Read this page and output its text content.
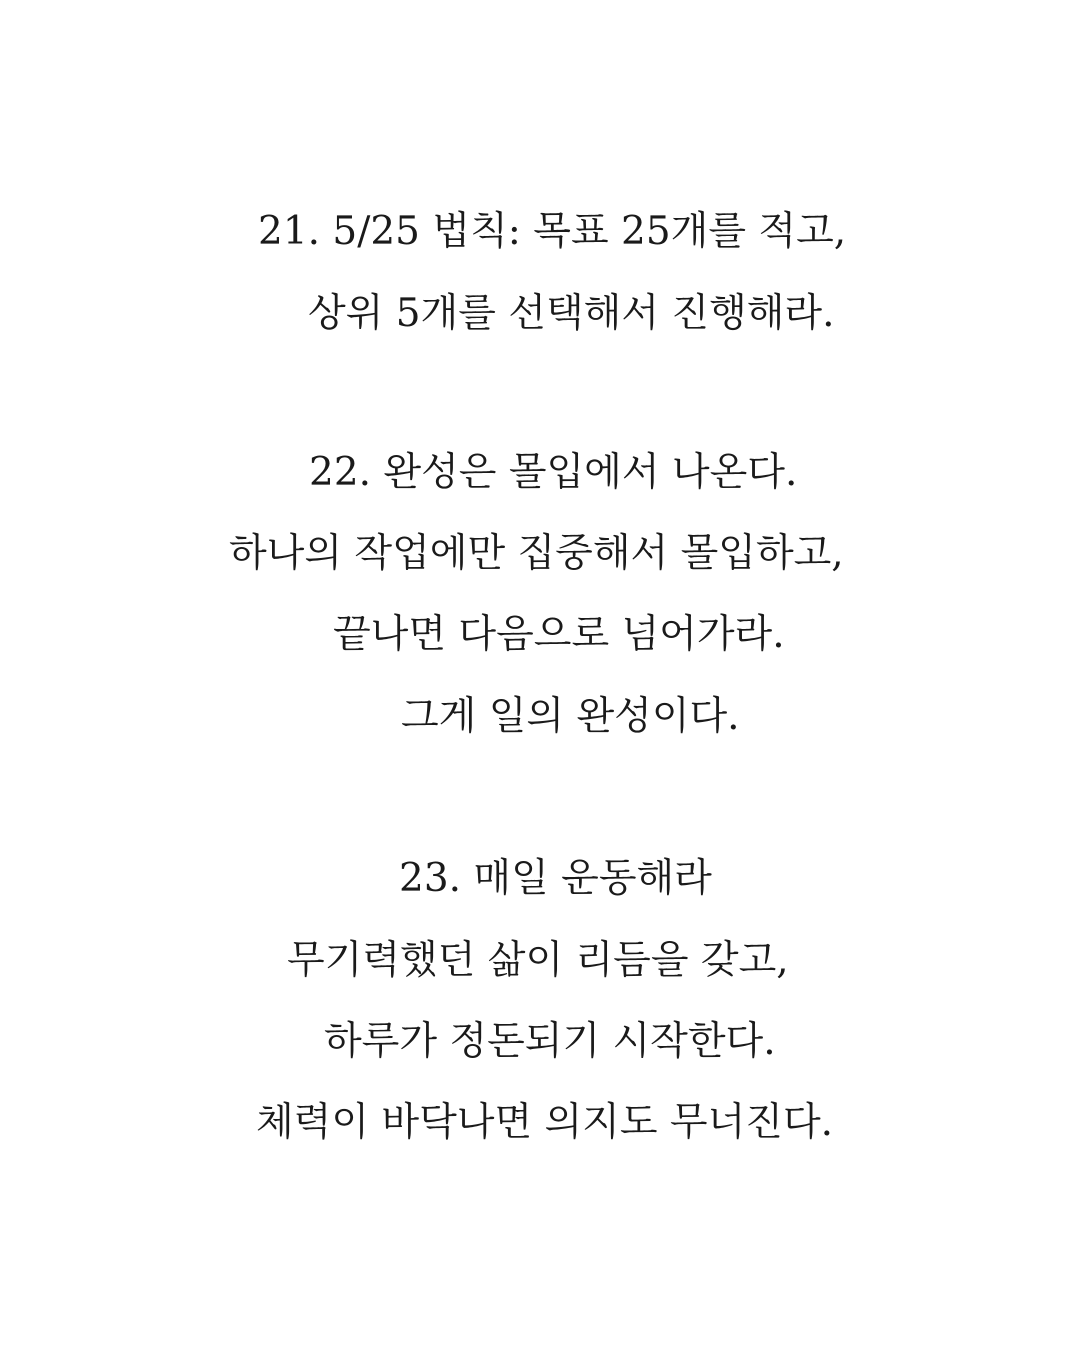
21. 5/25 법칙: 목표 25개를 적고,
상위 5개를 선택해서 진행해라.
22. 완성은 몰입에서 나온다.
하나의 작업에만 집중해서 몰입하고,
끝나면 다음으로 넘어가라.
그게 일의 완성이다.
23. 매일 운동해라
무기력했던 삶이 리듬을 갖고,
하루가 정돈되기 시작한다.
체력이 바닥나면 의지도 무너진다.
